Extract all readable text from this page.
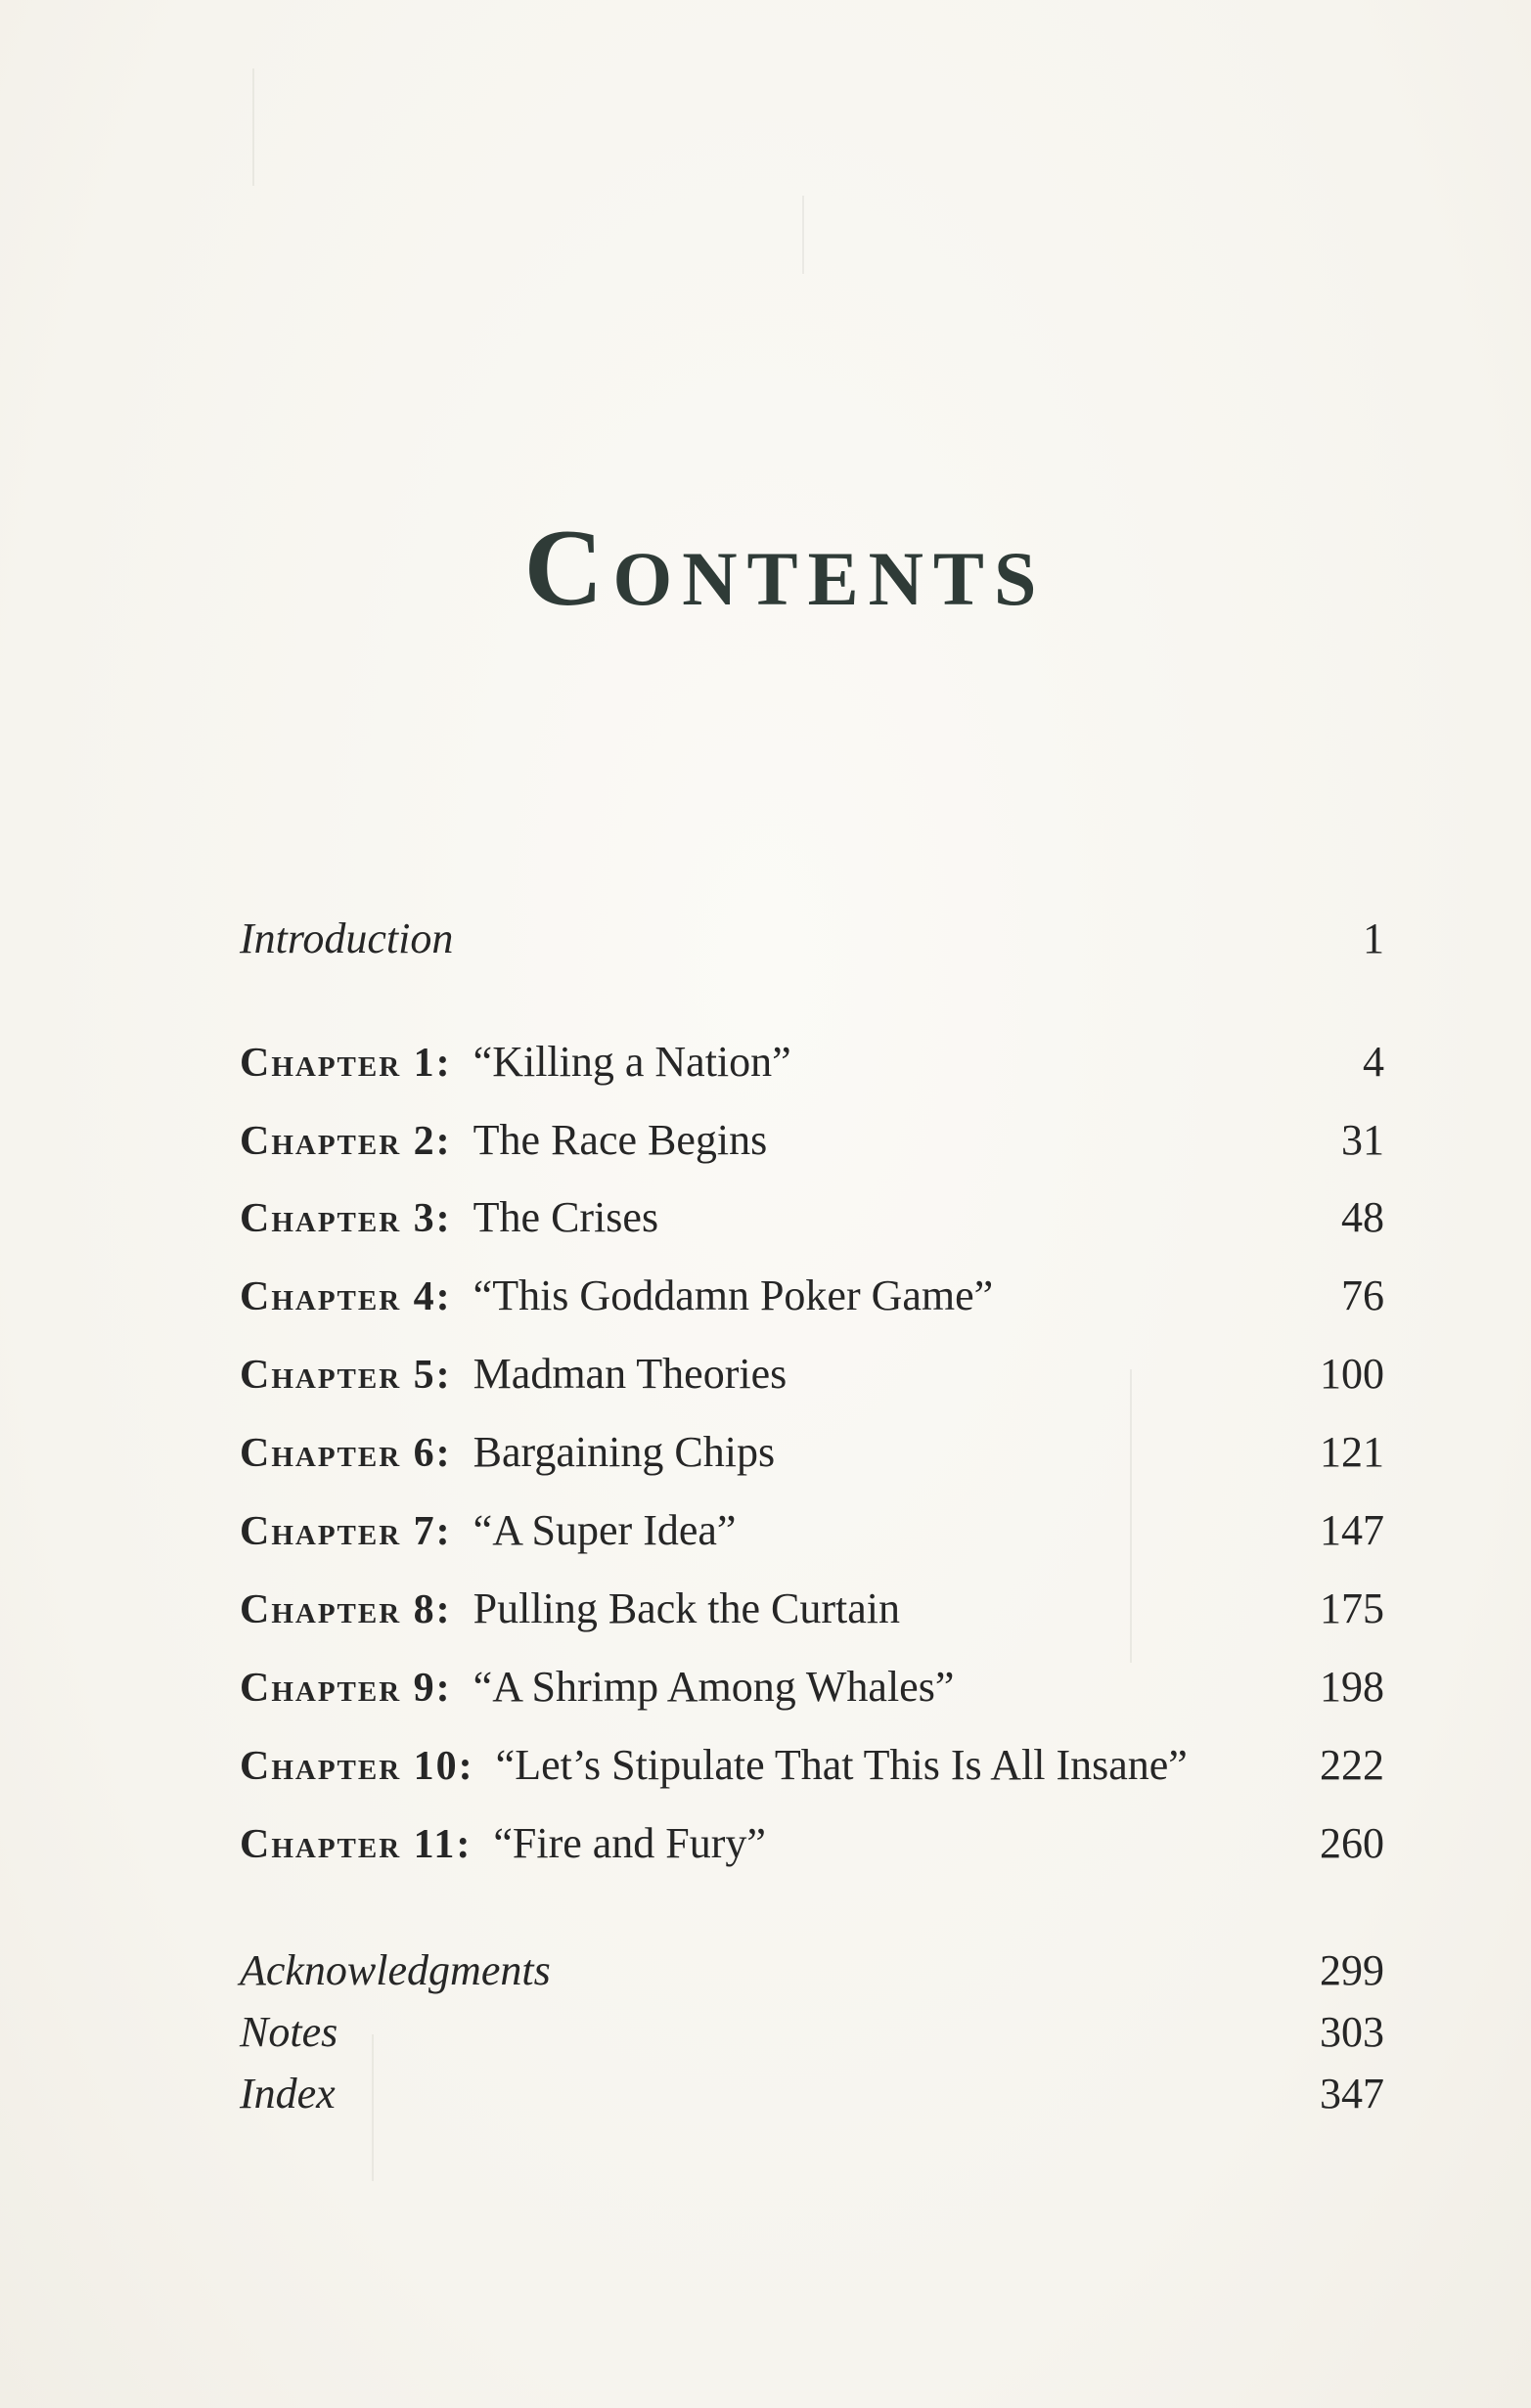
Contents
Introduction	1
Chapter 1: “Killing a Nation”	4
Chapter 2: The Race Begins	31
Chapter 3: The Crises	48
Chapter 4: “This Goddamn Poker Game”	76
Chapter 5: Madman Theories	100
Chapter 6: Bargaining Chips	121
Chapter 7: “A Super Idea”	147
Chapter 8: Pulling Back the Curtain	175
Chapter 9: “A Shrimp Among Whales”	198
Chapter 10: “Let’s Stipulate That This Is All Insane”	222
Chapter 11: “Fire and Fury”	260
Acknowledgments	299
Notes	303
Index	347
